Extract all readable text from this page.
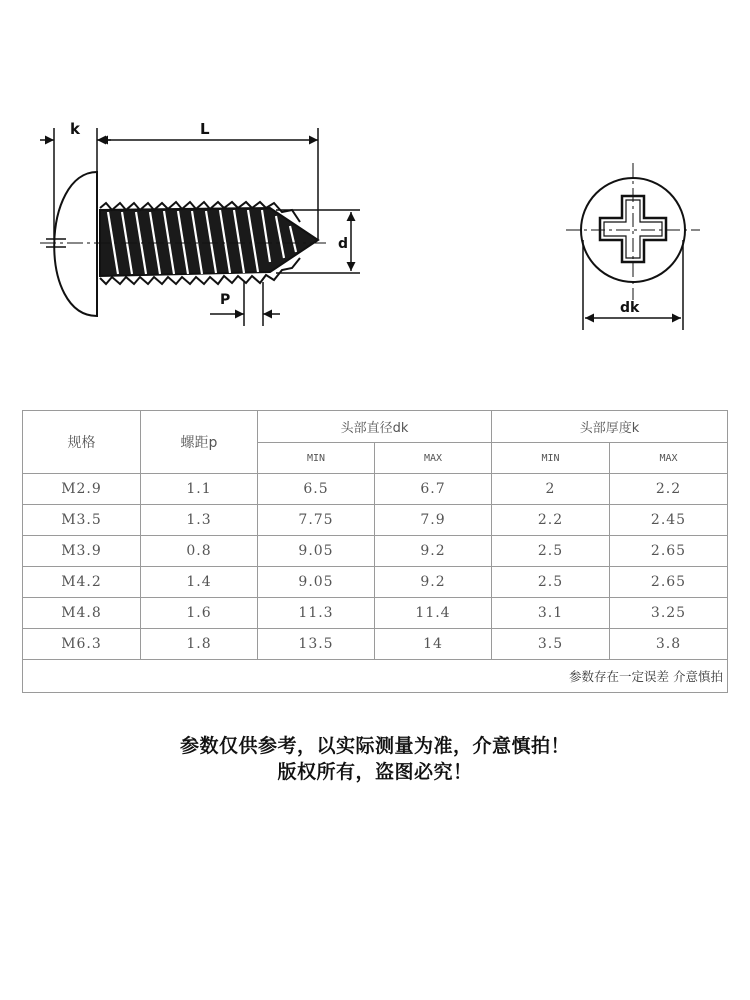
k	L
d
P	dk
规格	螺距p	头部直径dk		头部厚度k	
		MIN	MAX	MIN	MAX
M2.9	1.1	6.5	6.7	2	2.2
M3.5	1.3	7.75	7.9	2.2	2.45
M3.9	0.8	9.05	9.2	2.5	2.65
M4.2	1.4	9.05	9.2	2.5	2.65
M4.8	1.6	11.3	11.4	3.1	3.25
M6.3	1.8	13.5	14	3.5	3.8
参数存在一定误差 介意慎拍					
参数仅供参考，以实际测量为准，介意慎拍！
版权所有，盗图必究！
